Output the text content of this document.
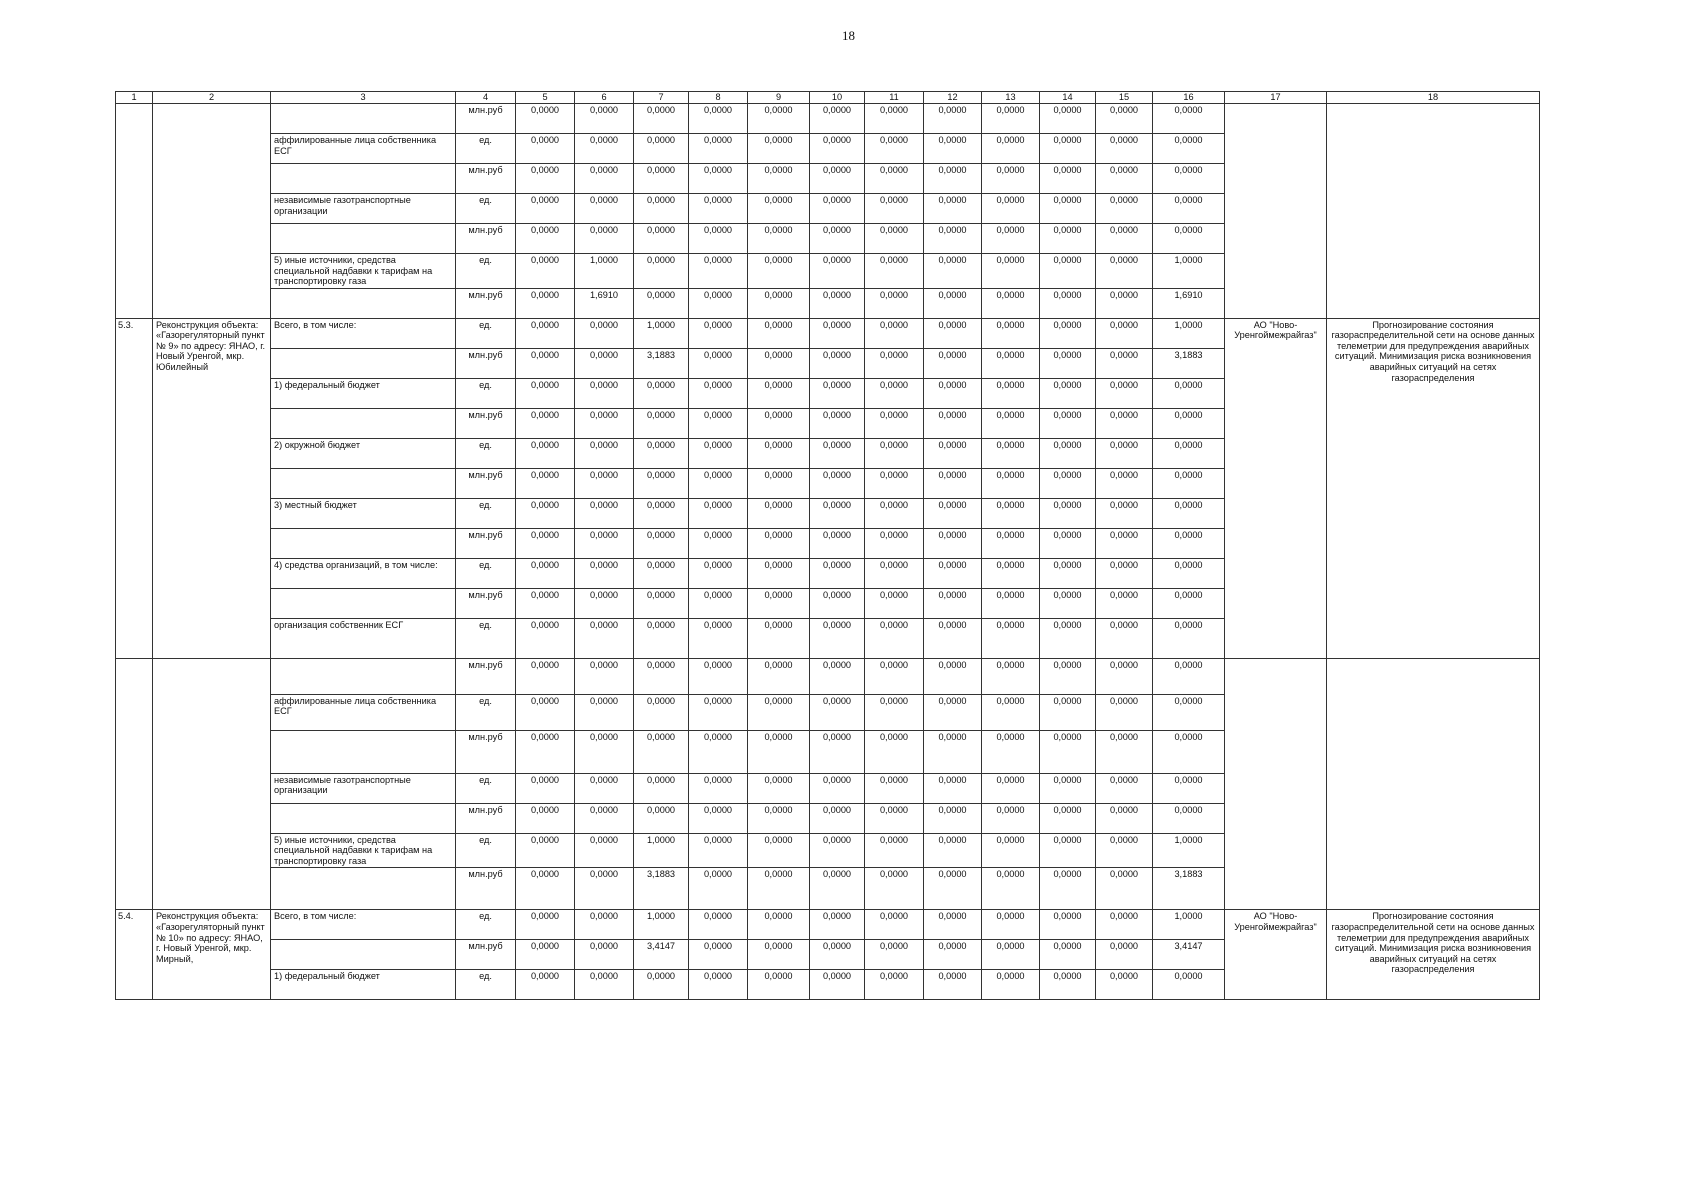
18
1	2	3	4	5	6	7	8	9	10	11	12	13	14	15	16	17	18
			млн.руб	0,0000	0,0000	0,0000	0,0000	0,0000	0,0000	0,0000	0,0000	0,0000	0,0000	0,0000	0,0000		
		аффилированные лица собственника ЕСГ	ед.	0,0000	0,0000	0,0000	0,0000	0,0000	0,0000	0,0000	0,0000	0,0000	0,0000	0,0000	0,0000		
			млн.руб	0,0000	0,0000	0,0000	0,0000	0,0000	0,0000	0,0000	0,0000	0,0000	0,0000	0,0000	0,0000		
		независимые газотранспортные организации	ед.	0,0000	0,0000	0,0000	0,0000	0,0000	0,0000	0,0000	0,0000	0,0000	0,0000	0,0000	0,0000		
			млн.руб	0,0000	0,0000	0,0000	0,0000	0,0000	0,0000	0,0000	0,0000	0,0000	0,0000	0,0000	0,0000		
		5) иные источники, средства специальной надбавки к тарифам на транспортировку газа	ед.	0,0000	1,0000	0,0000	0,0000	0,0000	0,0000	0,0000	0,0000	0,0000	0,0000	0,0000	1,0000		
			млн.руб	0,0000	1,6910	0,0000	0,0000	0,0000	0,0000	0,0000	0,0000	0,0000	0,0000	0,0000	1,6910		
5.3.	Реконструкция объекта: «Газорегуляторный пункт № 9» по адресу: ЯНАО, г. Новый Уренгой, мкр. Юбилейный	Всего, в том числе:	ед.	0,0000	0,0000	1,0000	0,0000	0,0000	0,0000	0,0000	0,0000	0,0000	0,0000	0,0000	1,0000	АО "Ново-Уренгоймежрайгаз"	Прогнозирование состояния газораспределительной сети на основе данных телеметрии для предупреждения аварийных ситуаций. Минимизация риска возникновения аварийных ситуаций на сетях газораспределения
			млн.руб	0,0000	0,0000	3,1883	0,0000	0,0000	0,0000	0,0000	0,0000	0,0000	0,0000	0,0000	3,1883		
		1) федеральный бюджет	ед.	0,0000	0,0000	0,0000	0,0000	0,0000	0,0000	0,0000	0,0000	0,0000	0,0000	0,0000	0,0000		
			млн.руб	0,0000	0,0000	0,0000	0,0000	0,0000	0,0000	0,0000	0,0000	0,0000	0,0000	0,0000	0,0000		
		2) окружной бюджет	ед.	0,0000	0,0000	0,0000	0,0000	0,0000	0,0000	0,0000	0,0000	0,0000	0,0000	0,0000	0,0000		
			млн.руб	0,0000	0,0000	0,0000	0,0000	0,0000	0,0000	0,0000	0,0000	0,0000	0,0000	0,0000	0,0000		
		3) местный бюджет	ед.	0,0000	0,0000	0,0000	0,0000	0,0000	0,0000	0,0000	0,0000	0,0000	0,0000	0,0000	0,0000		
			млн.руб	0,0000	0,0000	0,0000	0,0000	0,0000	0,0000	0,0000	0,0000	0,0000	0,0000	0,0000	0,0000		
		4) средства организаций, в том числе:	ед.	0,0000	0,0000	0,0000	0,0000	0,0000	0,0000	0,0000	0,0000	0,0000	0,0000	0,0000	0,0000		
			млн.руб	0,0000	0,0000	0,0000	0,0000	0,0000	0,0000	0,0000	0,0000	0,0000	0,0000	0,0000	0,0000		
		организация собственник ЕСГ	ед.	0,0000	0,0000	0,0000	0,0000	0,0000	0,0000	0,0000	0,0000	0,0000	0,0000	0,0000	0,0000		
			млн.руб	0,0000	0,0000	0,0000	0,0000	0,0000	0,0000	0,0000	0,0000	0,0000	0,0000	0,0000	0,0000		
		аффилированные лица собственника ЕСГ	ед.	0,0000	0,0000	0,0000	0,0000	0,0000	0,0000	0,0000	0,0000	0,0000	0,0000	0,0000	0,0000		
			млн.руб	0,0000	0,0000	0,0000	0,0000	0,0000	0,0000	0,0000	0,0000	0,0000	0,0000	0,0000	0,0000		
		независимые газотранспортные организации	ед.	0,0000	0,0000	0,0000	0,0000	0,0000	0,0000	0,0000	0,0000	0,0000	0,0000	0,0000	0,0000		
			млн.руб	0,0000	0,0000	0,0000	0,0000	0,0000	0,0000	0,0000	0,0000	0,0000	0,0000	0,0000	0,0000		
		5) иные источники, средства специальной надбавки к тарифам на транспортировку газа	ед.	0,0000	0,0000	1,0000	0,0000	0,0000	0,0000	0,0000	0,0000	0,0000	0,0000	0,0000	1,0000		
			млн.руб	0,0000	0,0000	3,1883	0,0000	0,0000	0,0000	0,0000	0,0000	0,0000	0,0000	0,0000	3,1883		
5.4.	Реконструкция объекта: «Газорегуляторный пункт № 10» по адресу: ЯНАО, г. Новый Уренгой, мкр. Мирный,	Всего, в том числе:	ед.	0,0000	0,0000	1,0000	0,0000	0,0000	0,0000	0,0000	0,0000	0,0000	0,0000	0,0000	1,0000	АО "Ново-Уренгоймежрайгаз"	Прогнозирование состояния газораспределительной сети на основе данных телеметрии для предупреждения аварийных ситуаций. Минимизация риска возникновения аварийных ситуаций на сетях газораспределения
			млн.руб	0,0000	0,0000	3,4147	0,0000	0,0000	0,0000	0,0000	0,0000	0,0000	0,0000	0,0000	3,4147		
		1) федеральный бюджет	ед.	0,0000	0,0000	0,0000	0,0000	0,0000	0,0000	0,0000	0,0000	0,0000	0,0000	0,0000	0,0000		
